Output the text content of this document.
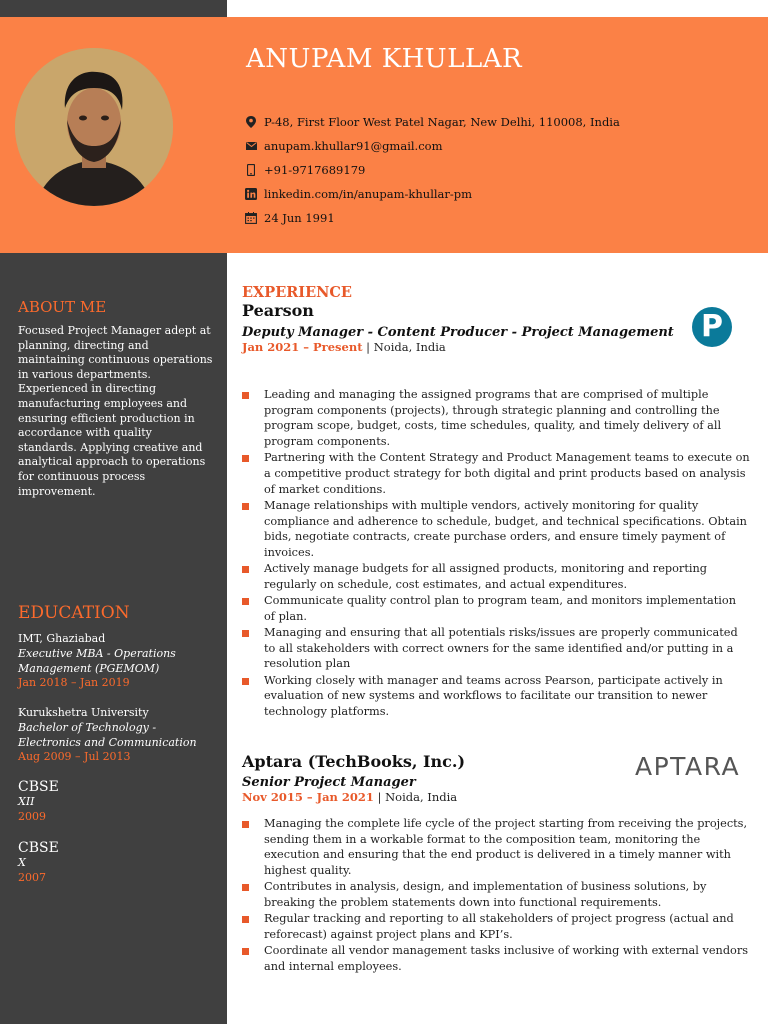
ANUPAM KHULLAR
P-48, First Floor West Patel Nagar, New Delhi, 110008, India
anupam.khullar91@gmail.com
+91-9717689179
linkedin.com/in/anupam-khullar-pm
24 Jun 1991
ABOUT ME
Focused Project Manager adept at planning, directing and maintaining continuous operations in various departments. Experienced in directing manufacturing employees and ensuring efficient production in accordance with quality standards. Applying creative and analytical approach to operations for continuous process improvement.
EDUCATION
IMT, Ghaziabad
Executive MBA - Operations Management (PGEMOM)
Jan 2018 – Jan 2019
Kurukshetra University
Bachelor of Technology - Electronics and Communication
Aug 2009 – Jul 2013
CBSE
XII
2009
CBSE
X
2007
EXPERIENCE
Pearson
Deputy Manager - Content Producer - Project Management
Jan 2021 – Present | Noida, India
P
Leading and managing the assigned programs that are comprised of multiple program components (projects), through strategic planning and controlling the program scope, budget, costs, time schedules, quality, and timely delivery of all program components.
Partnering with the Content Strategy and Product Management teams to execute on a competitive product strategy for both digital and print products based on analysis of market conditions.
Manage relationships with multiple vendors, actively monitoring for quality compliance and adherence to schedule, budget, and technical specifications. Obtain bids, negotiate contracts, create purchase orders, and ensure timely payment of invoices.
Actively manage budgets for all assigned products, monitoring and reporting regularly on schedule, cost estimates, and actual expenditures.
Communicate quality control plan to program team, and monitors implementation of plan.
Managing and ensuring that all potentials risks/issues are properly communicated to all stakeholders with correct owners for the same identified and/or putting in a resolution plan
Working closely with manager and teams across Pearson, participate actively in evaluation of new systems and workflows to facilitate our transition to newer technology platforms.
Aptara (TechBooks, Inc.)
Senior Project Manager
Nov 2015 – Jan 2021 | Noida, India
APTARA
Managing the complete life cycle of the project starting from receiving the projects, sending them in a workable format to the composition team, monitoring the execution and ensuring that the end product is delivered in a timely manner with highest quality.
Contributes in analysis, design, and implementation of business solutions, by breaking the problem statements down into functional requirements.
Regular tracking and reporting to all stakeholders of project progress (actual and reforecast) against project plans and KPI’s.
Coordinate all vendor management tasks inclusive of working with external vendors and internal employees.
